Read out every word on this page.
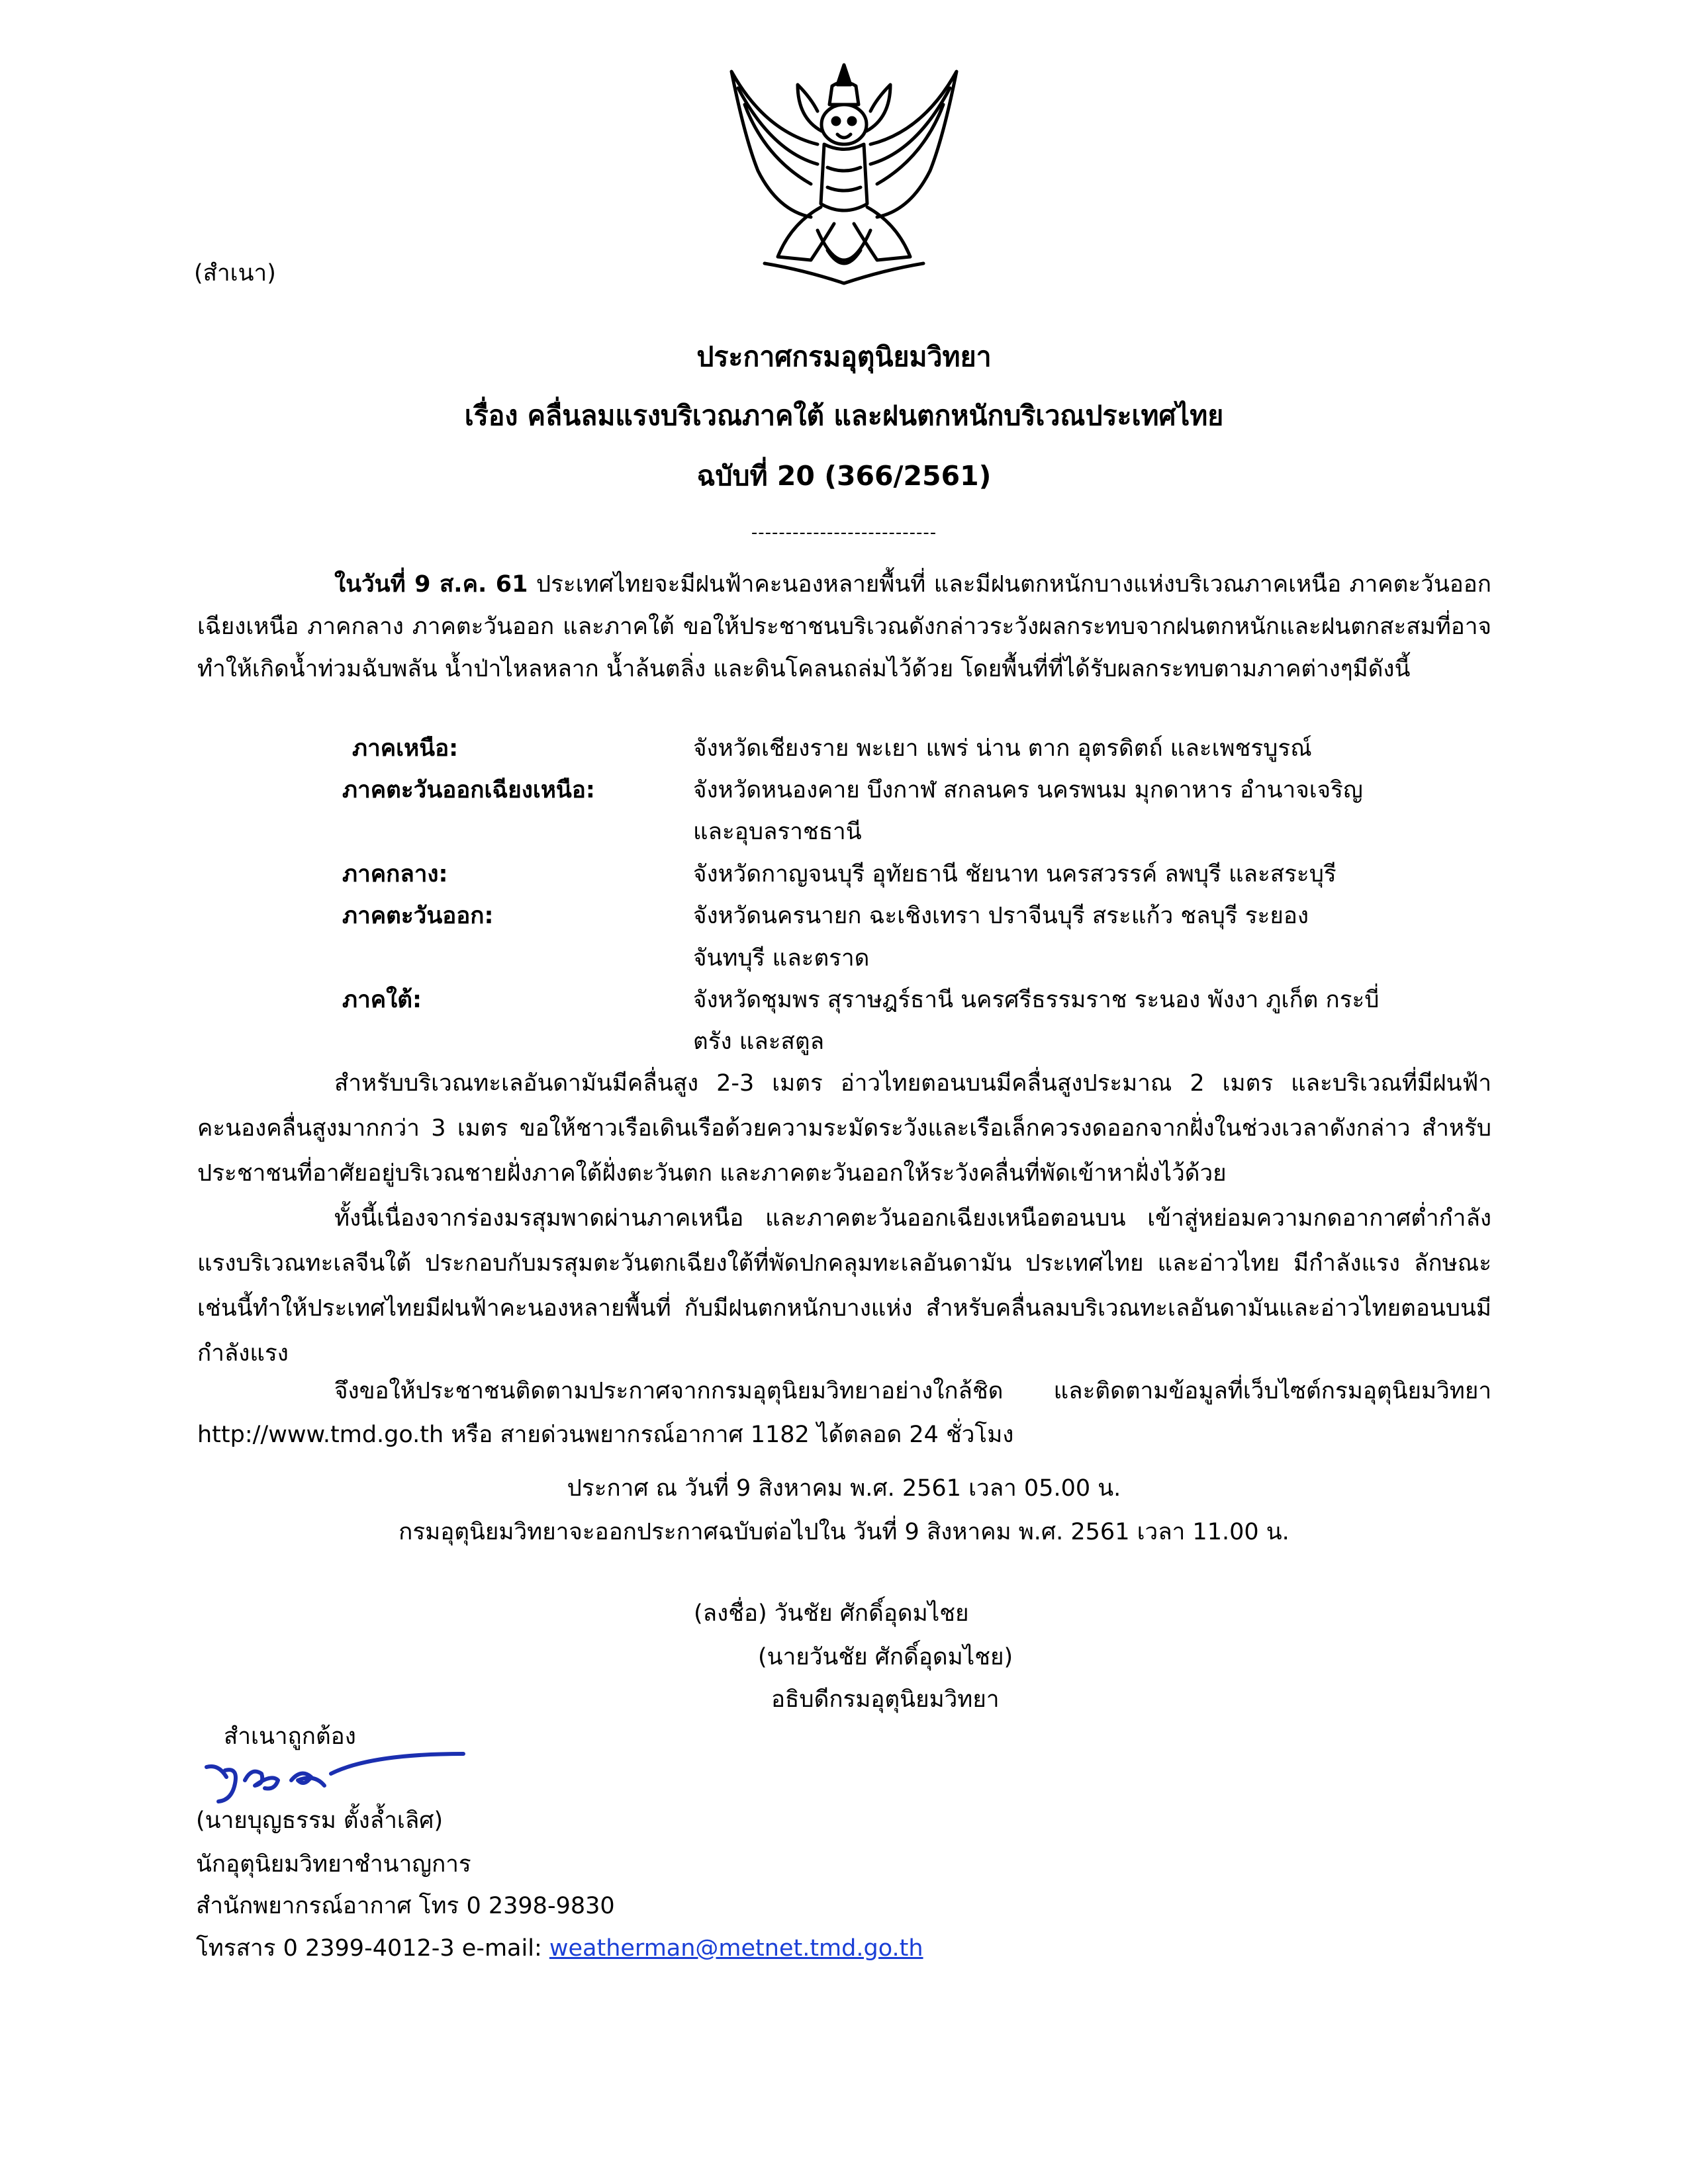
(สำเนา)
ประกาศกรมอุตุนิยมวิทยา
เรื่อง คลื่นลมแรงบริเวณภาคใต้ และฝนตกหนักบริเวณประเทศไทย
ฉบับที่ 20 (366/2561)
---------------------------
ในวันที่ 9 ส.ค. 61 ประเทศไทยจะมีฝนฟ้าคะนองหลายพื้นที่ และมีฝนตกหนักบางแห่งบริเวณภาคเหนือ ภาคตะวันออกเฉียงเหนือ ภาคกลาง ภาคตะวันออก และภาคใต้ ขอให้ประชาชนบริเวณดังกล่าวระวังผลกระทบจากฝนตกหนักและฝนตกสะสมที่อาจทำให้เกิดน้ำท่วมฉับพลัน น้ำป่าไหลหลาก น้ำล้นตลิ่ง และดินโคลนถล่มไว้ด้วย โดยพื้นที่ที่ได้รับผลกระทบตามภาคต่างๆมีดังนี้
ภาคเหนือ:	จังหวัดเชียงราย พะเยา แพร่ น่าน ตาก อุตรดิตถ์ และเพชรบูรณ์
ภาคตะวันออกเฉียงเหนือ:	จังหวัดหนองคาย บึงกาฬ สกลนคร นครพนม มุกดาหาร อำนาจเจริญ
และอุบลราชธานี
ภาคกลาง:	จังหวัดกาญจนบุรี อุทัยธานี ชัยนาท นครสวรรค์ ลพบุรี และสระบุรี
ภาคตะวันออก:	จังหวัดนครนายก ฉะเชิงเทรา ปราจีนบุรี สระแก้ว ชลบุรี ระยอง
จันทบุรี และตราด
ภาคใต้:	จังหวัดชุมพร สุราษฎร์ธานี นครศรีธรรมราช ระนอง พังงา ภูเก็ต กระบี่
ตรัง และสตูล
สำหรับบริเวณทะเลอันดามันมีคลื่นสูง 2-3 เมตร อ่าวไทยตอนบนมีคลื่นสูงประมาณ 2 เมตร และบริเวณที่มีฝนฟ้าคะนองคลื่นสูงมากกว่า 3 เมตร ขอให้ชาวเรือเดินเรือด้วยความระมัดระวังและเรือเล็กควรงดออกจากฝั่งในช่วงเวลาดังกล่าว สำหรับประชาชนที่อาศัยอยู่บริเวณชายฝั่งภาคใต้ฝั่งตะวันตก และภาคตะวันออกให้ระวังคลื่นที่พัดเข้าหาฝั่งไว้ด้วย
ทั้งนี้เนื่องจากร่องมรสุมพาดผ่านภาคเหนือ และภาคตะวันออกเฉียงเหนือตอนบน เข้าสู่หย่อมความกดอากาศต่ำกำลังแรงบริเวณทะเลจีนใต้ ประกอบกับมรสุมตะวันตกเฉียงใต้ที่พัดปกคลุมทะเลอันดามัน ประเทศไทย และอ่าวไทย มีกำลังแรง ลักษณะเช่นนี้ทำให้ประเทศไทยมีฝนฟ้าคะนองหลายพื้นที่ กับมีฝนตกหนักบางแห่ง สำหรับคลื่นลมบริเวณทะเลอันดามันและอ่าวไทยตอนบนมีกำลังแรง
จึงขอให้ประชาชนติดตามประกาศจากกรมอุตุนิยมวิทยาอย่างใกล้ชิด และติดตามข้อมูลที่เว็บไซต์กรมอุตุนิยมวิทยา http://www.tmd.go.th หรือ สายด่วนพยากรณ์อากาศ 1182 ได้ตลอด 24 ชั่วโมง
ประกาศ ณ วันที่ 9 สิงหาคม พ.ศ. 2561 เวลา 05.00 น.
กรมอุตุนิยมวิทยาจะออกประกาศฉบับต่อไปใน วันที่ 9 สิงหาคม พ.ศ. 2561 เวลา 11.00 น.
(ลงชื่อ) วันชัย ศักดิ์อุดมไชย
(นายวันชัย ศักดิ์อุดมไชย)
อธิบดีกรมอุตุนิยมวิทยา
สำเนาถูกต้อง
(นายบุญธรรม ตั้งล้ำเลิศ)
นักอุตุนิยมวิทยาชำนาญการ
สำนักพยากรณ์อากาศ โทร 0 2398-9830
โทรสาร 0 2399-4012-3 e-mail: weatherman@metnet.tmd.go.th
